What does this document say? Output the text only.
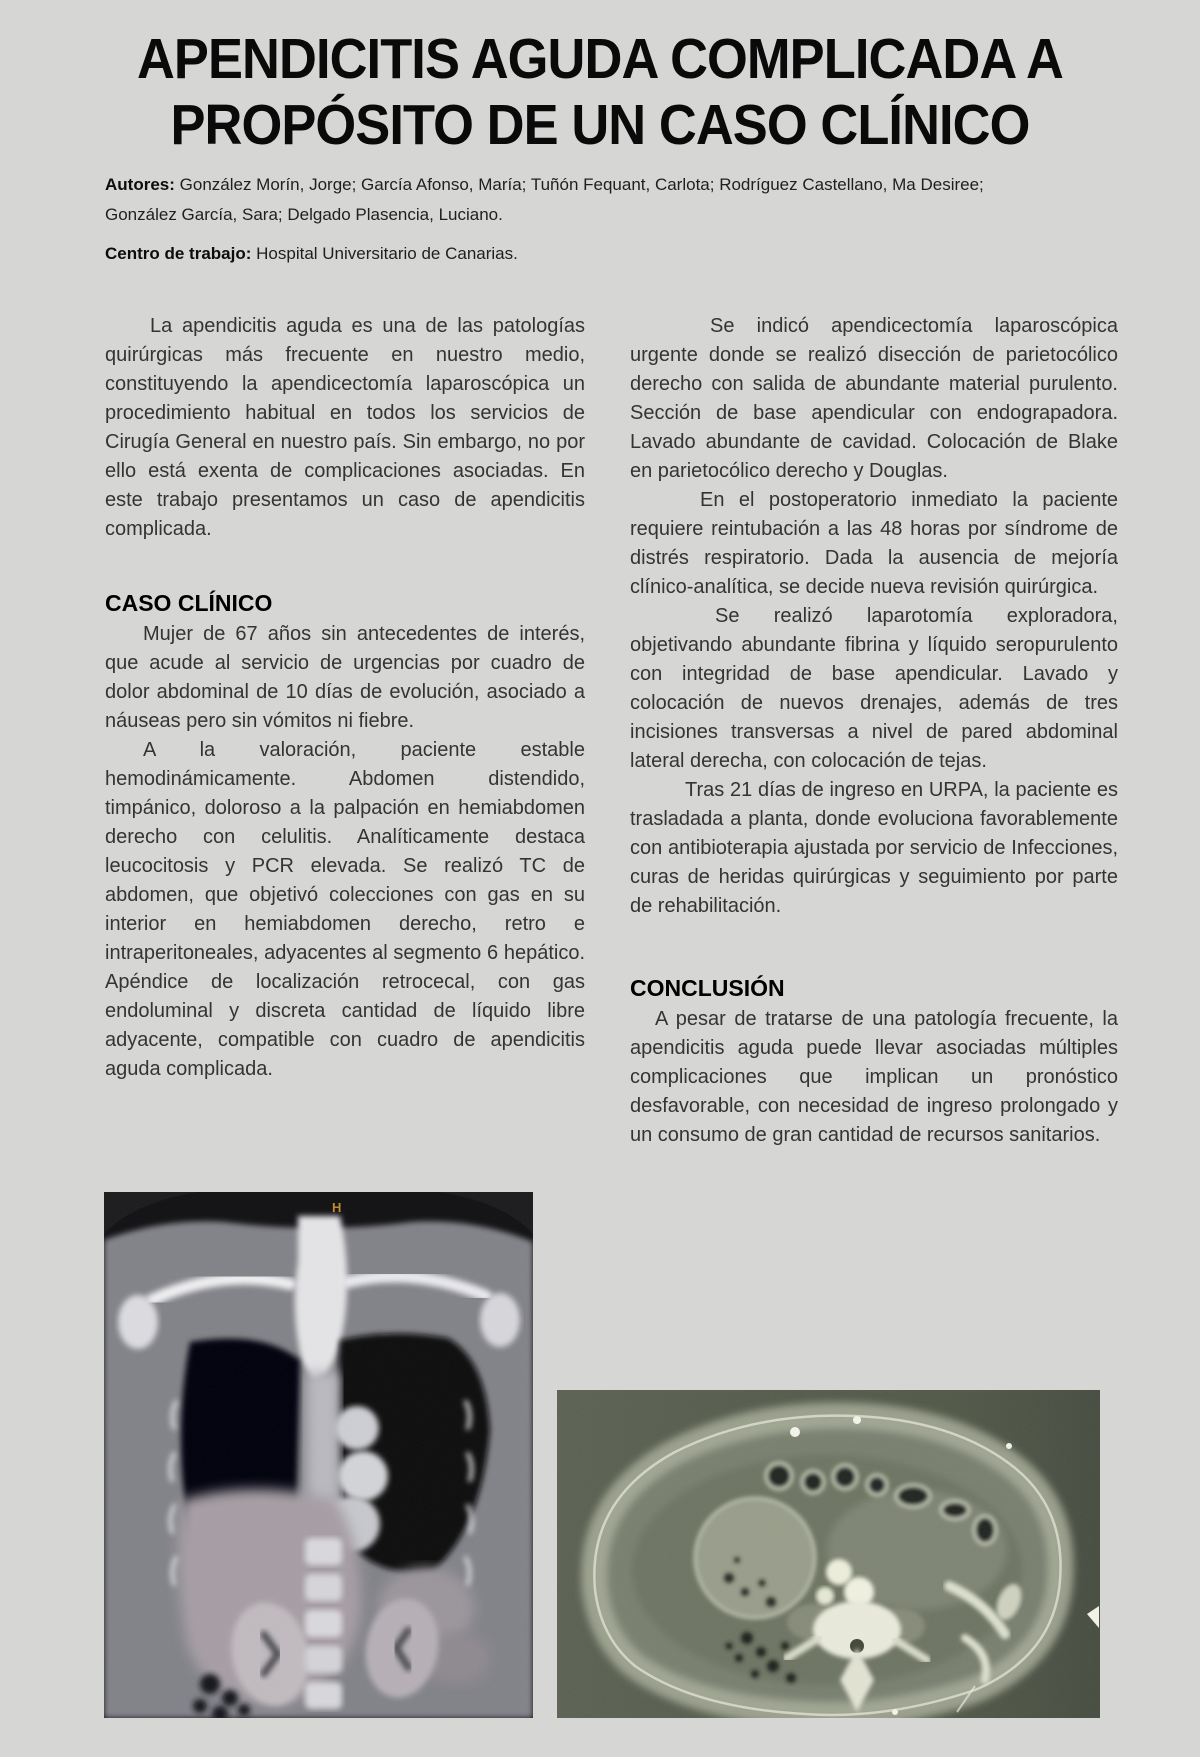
APENDICITIS AGUDA COMPLICADA A
PROPÓSITO DE UN CASO CLÍNICO

Autores: González Morín, Jorge; García Afonso, María; Tuñón Fequant, Carlota; Rodríguez Castellano, Ma Desiree; González García, Sara; Delgado Plasencia, Luciano.

Centro de trabajo: Hospital Universitario de Canarias.

La apendicitis aguda es una de las patologías quirúrgicas más frecuente en nuestro medio, constituyendo la apendicectomía laparoscópica un procedimiento habitual en todos los servicios de Cirugía General en nuestro país. Sin embargo, no por ello está exenta de complicaciones asociadas. En este trabajo presentamos un caso de apendicitis complicada.

CASO CLÍNICO

Mujer de 67 años sin antecedentes de interés, que acude al servicio de urgencias por cuadro de dolor abdominal de 10 días de evolución, asociado a náuseas pero sin vómitos ni fiebre.

A la valoración, paciente estable hemodinámicamente. Abdomen distendido, timpánico, doloroso a la palpación en hemiabdomen derecho con celulitis. Analíticamente destaca leucocitosis y PCR elevada. Se realizó TC de abdomen, que objetivó colecciones con gas en su interior en hemiabdomen derecho, retro e intraperitoneales, adyacentes al segmento 6 hepático. Apéndice de localización retrocecal, con gas endoluminal y discreta cantidad de líquido libre adyacente, compatible con cuadro de apendicitis aguda complicada.

Se indicó apendicectomía laparoscópica urgente donde se realizó disección de parietocólico derecho con salida de abundante material purulento. Sección de base apendicular con endograpadora. Lavado abundante de cavidad. Colocación de Blake en parietocólico derecho y Douglas.

En el postoperatorio inmediato la paciente requiere reintubación a las 48 horas por síndrome de distrés respiratorio. Dada la ausencia de mejoría clínico-analítica, se decide nueva revisión quirúrgica.

Se realizó laparotomía exploradora, objetivando abundante fibrina y líquido seropurulento con integridad de base apendicular. Lavado y colocación de nuevos drenajes, además de tres incisiones transversas a nivel de pared abdominal lateral derecha, con colocación de tejas.

Tras 21 días de ingreso en URPA, la paciente es trasladada a planta, donde evoluciona favorablemente con antibioterapia ajustada por servicio de Infecciones, curas de heridas quirúrgicas y seguimiento por parte de rehabilitación.

CONCLUSIÓN

A pesar de tratarse de una patología frecuente, la apendicitis aguda puede llevar asociadas múltiples complicaciones que implican un pronóstico desfavorable, con necesidad de ingreso prolongado y un consumo de gran cantidad de recursos sanitarios.
